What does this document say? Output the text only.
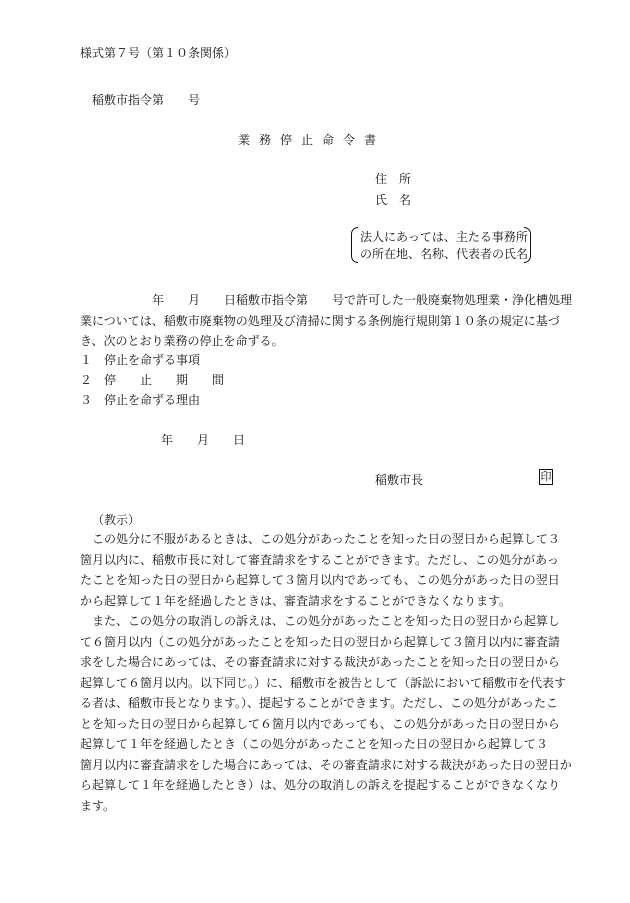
様式第７号（第１０条関係）
稲敷市指令第　　号
業務停止命令書
住　所
氏　名
法人にあっては、主たる事務所
の所在地、名称、代表者の氏名
　　　　　　年　　月　　日稲敷市指令第　　号で許可した一般廃棄物処理業・浄化槽処理
業については、稲敷市廃棄物の処理及び清掃に関する条例施行規則第１０条の規定に基づ
き、次のとおり業務の停止を命ずる。
１ 停止を命ずる事項
２ 停　　止　　期　　間
３ 停止を命ずる理由
年　　月　　日
稲敷市長	印
（教示）
この処分に不服があるときは、この処分があったことを知った日の翌日から起算して３
箇月以内に、稲敷市長に対して審査請求をすることができます。ただし、この処分があっ
たことを知った日の翌日から起算して３箇月以内であっても、この処分があった日の翌日
から起算して１年を経過したときは、審査請求をすることができなくなります。
また、この処分の取消しの訴えは、この処分があったことを知った日の翌日から起算し
て６箇月以内（この処分があったことを知った日の翌日から起算して３箇月以内に審査請
求をした場合にあっては、その審査請求に対する裁決があったことを知った日の翌日から
起算して６箇月以内。以下同じ。）に、稲敷市を被告として（訴訟において稲敷市を代表す
る者は、稲敷市長となります。）、提起することができます。ただし、この処分があったこ
とを知った日の翌日から起算して６箇月以内であっても、この処分があった日の翌日から
起算して１年を経過したとき（この処分があったことを知った日の翌日から起算して３
箇月以内に審査請求をした場合にあっては、その審査請求に対する裁決があった日の翌日か
ら起算して１年を経過したとき）は、処分の取消しの訴えを提起することができなくなり
ます。
